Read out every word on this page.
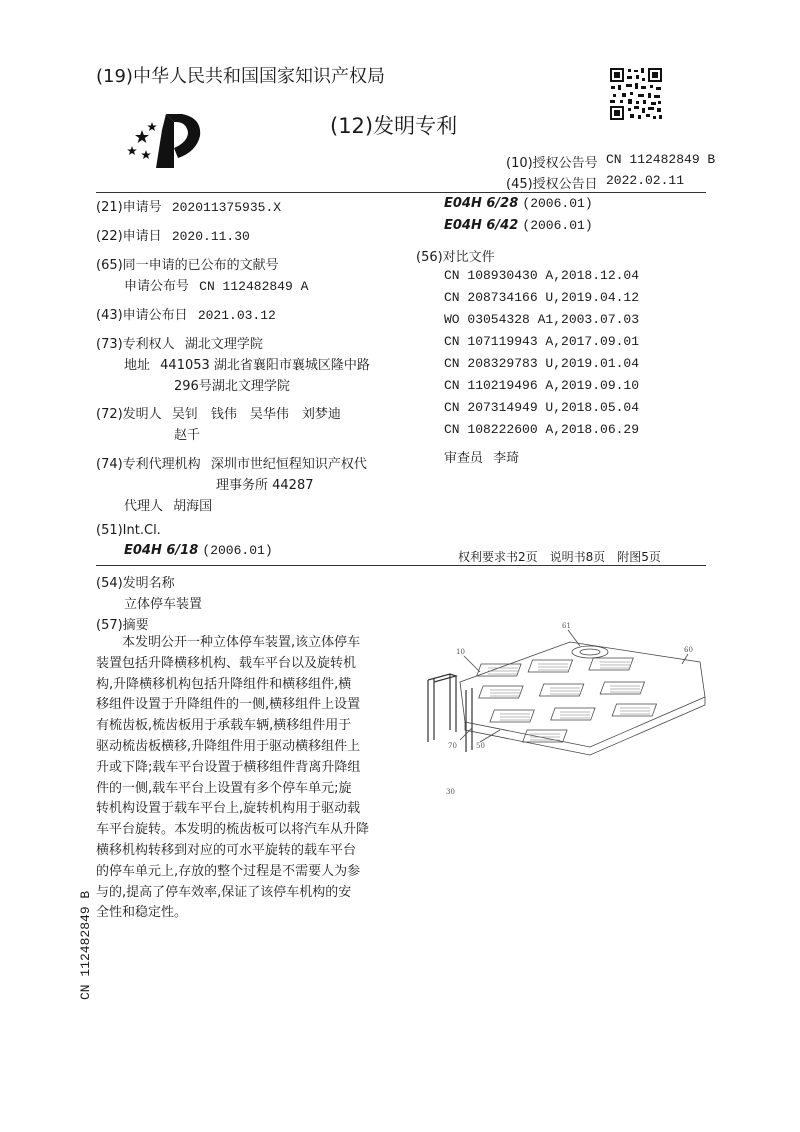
(19)中华人民共和国国家知识产权局
(12)发明专利
(10)授权公告号 CN 112482849 B
(45)授权公告日 2022.02.11
(21)申请号 202011375935.X
(22)申请日 2020.11.30
(65)同一申请的已公布的文献号
申请公布号 CN 112482849 A
(43)申请公布日 2021.03.12
(73)专利权人 湖北文理学院
地址 441053 湖北省襄阳市襄城区隆中路
296号湖北文理学院
(72)发明人 吴钊　钱伟　吴华伟　刘梦迪
赵千
(74)专利代理机构 深圳市世纪恒程知识产权代
理事务所 44287
代理人 胡海国
(51)Int.Cl.
E04H 6/18 (2006.01)
E04H 6/28 (2006.01)
E04H 6/42 (2006.01)
(56)对比文件
CN 108930430 A,2018.12.04
CN 208734166 U,2019.04.12
WO 03054328 A1,2003.07.03
CN 107119943 A,2017.09.01
CN 208329783 U,2019.01.04
CN 110219496 A,2019.09.10
CN 207314949 U,2018.05.04
CN 108222600 A,2018.06.29
审查员 李琦
权利要求书2页　说明书8页　附图5页
(54)发明名称
立体停车装置
(57)摘要

本发明公开一种立体停车装置,该立体停车

装置包括升降横移机构、载车平台以及旋转机

构,升降横移机构包括升降组件和横移组件,横

移组件设置于升降组件的一侧,横移组件上设置

有梳齿板,梳齿板用于承载车辆,横移组件用于

驱动梳齿板横移,升降组件用于驱动横移组件上

升或下降;载车平台设置于横移组件背离升降组

件的一侧,载车平台上设置有多个停车单元;旋

转机构设置于载车平台上,旋转机构用于驱动载

车平台旋转。本发明的梳齿板可以将汽车从升降

横移机构转移到对应的可水平旋转的载车平台

的停车单元上,存放的整个过程是不需要人为参

与的,提高了停车效率,保证了该停车机构的安

全性和稳定性。

61
10	60
70	50
30
CN 112482849 B
